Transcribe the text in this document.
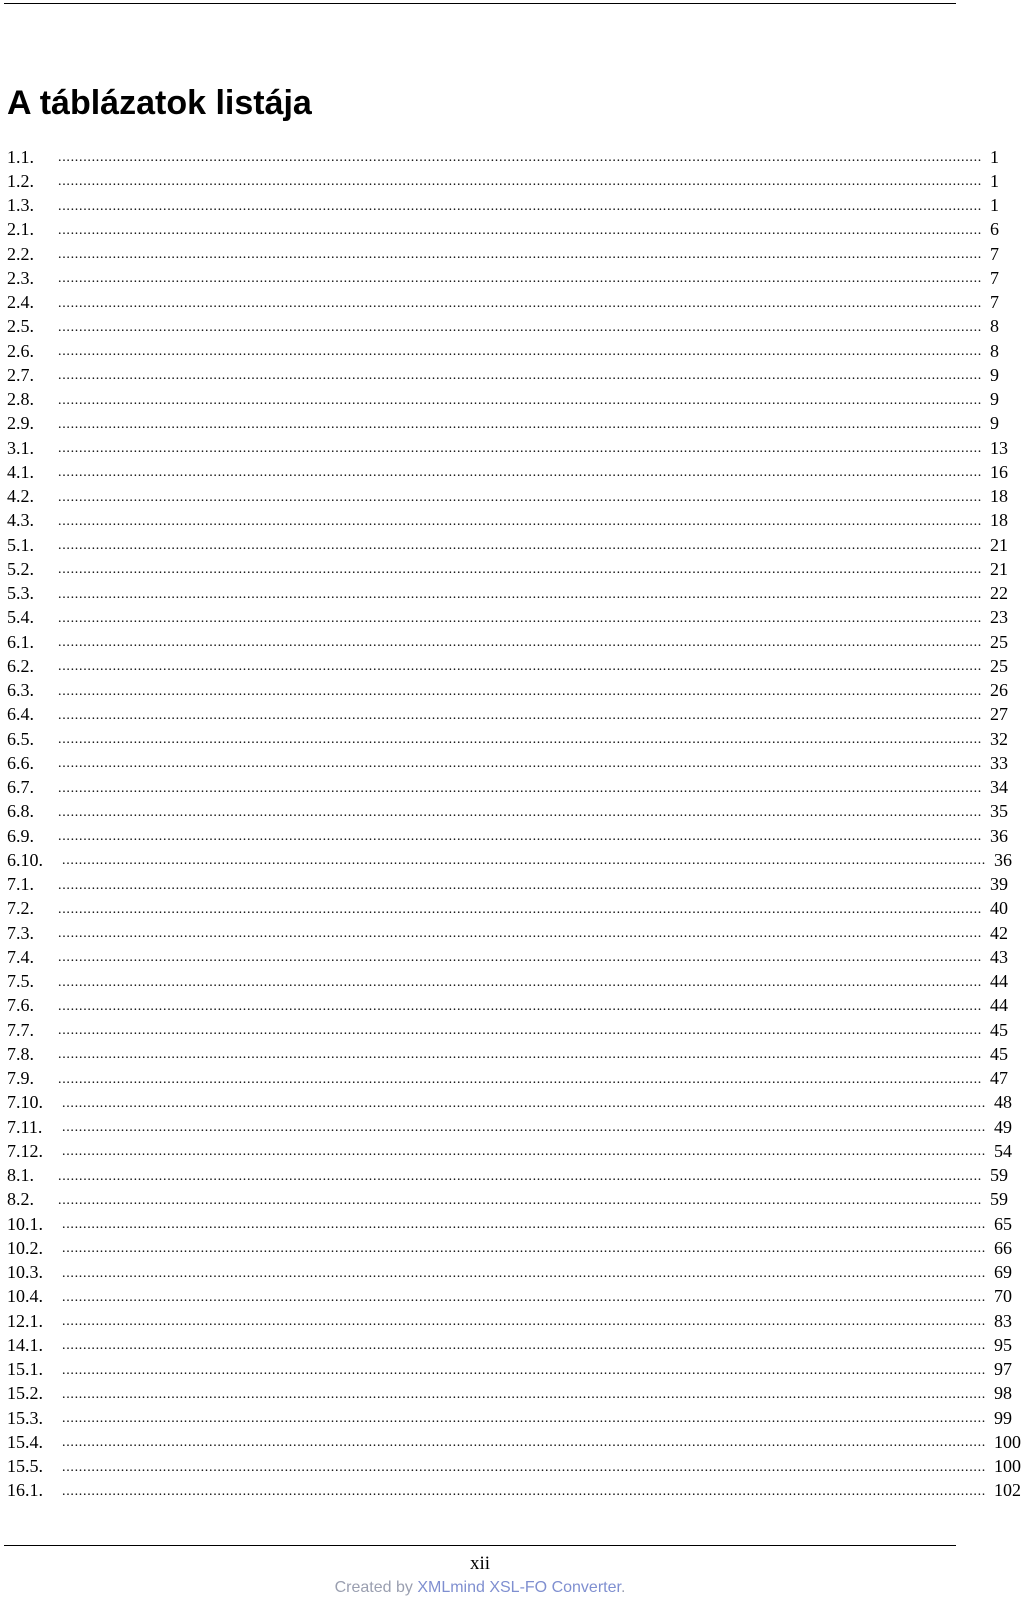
A táblázatok listája
1.1.	............................................................................................................................................................................................................................ 1
1.2.	............................................................................................................................................................................................................................ 1
1.3.	............................................................................................................................................................................................................................ 1
2.1.	............................................................................................................................................................................................................................ 6
2.2.	............................................................................................................................................................................................................................ 7
2.3.	............................................................................................................................................................................................................................ 7
2.4.	............................................................................................................................................................................................................................ 7
2.5.	............................................................................................................................................................................................................................ 8
2.6.	............................................................................................................................................................................................................................ 8
2.7.	............................................................................................................................................................................................................................ 9
2.8.	............................................................................................................................................................................................................................ 9
2.9.	............................................................................................................................................................................................................................ 9
3.1.	............................................................................................................................................................................................................................ 13
4.1.	............................................................................................................................................................................................................................ 16
4.2.	............................................................................................................................................................................................................................ 18
4.3.	............................................................................................................................................................................................................................ 18
5.1.	............................................................................................................................................................................................................................ 21
5.2.	............................................................................................................................................................................................................................ 21
5.3.	............................................................................................................................................................................................................................ 22
5.4.	............................................................................................................................................................................................................................ 23
6.1.	............................................................................................................................................................................................................................ 25
6.2.	............................................................................................................................................................................................................................ 25
6.3.	............................................................................................................................................................................................................................ 26
6.4.	............................................................................................................................................................................................................................ 27
6.5.	............................................................................................................................................................................................................................ 32
6.6.	............................................................................................................................................................................................................................ 33
6.7.	............................................................................................................................................................................................................................ 34
6.8.	............................................................................................................................................................................................................................ 35
6.9.	............................................................................................................................................................................................................................ 36
6.10.	............................................................................................................................................................................................................................ 36
7.1.	............................................................................................................................................................................................................................ 39
7.2.	............................................................................................................................................................................................................................ 40
7.3.	............................................................................................................................................................................................................................ 42
7.4.	............................................................................................................................................................................................................................ 43
7.5.	............................................................................................................................................................................................................................ 44
7.6.	............................................................................................................................................................................................................................ 44
7.7.	............................................................................................................................................................................................................................ 45
7.8.	............................................................................................................................................................................................................................ 45
7.9.	............................................................................................................................................................................................................................ 47
7.10.	............................................................................................................................................................................................................................ 48
7.11.	............................................................................................................................................................................................................................ 49
7.12.	............................................................................................................................................................................................................................ 54
8.1.	............................................................................................................................................................................................................................ 59
8.2.	............................................................................................................................................................................................................................ 59
10.1.	............................................................................................................................................................................................................................ 65
10.2.	............................................................................................................................................................................................................................ 66
10.3.	............................................................................................................................................................................................................................ 69
10.4.	............................................................................................................................................................................................................................ 70
12.1.	............................................................................................................................................................................................................................ 83
14.1.	............................................................................................................................................................................................................................ 95
15.1.	............................................................................................................................................................................................................................ 97
15.2.	............................................................................................................................................................................................................................ 98
15.3.	............................................................................................................................................................................................................................ 99
15.4.	............................................................................................................................................................................................................................ 100
15.5.	............................................................................................................................................................................................................................ 100
16.1.	............................................................................................................................................................................................................................ 102
xii
Created by XMLmind XSL-FO Converter.
